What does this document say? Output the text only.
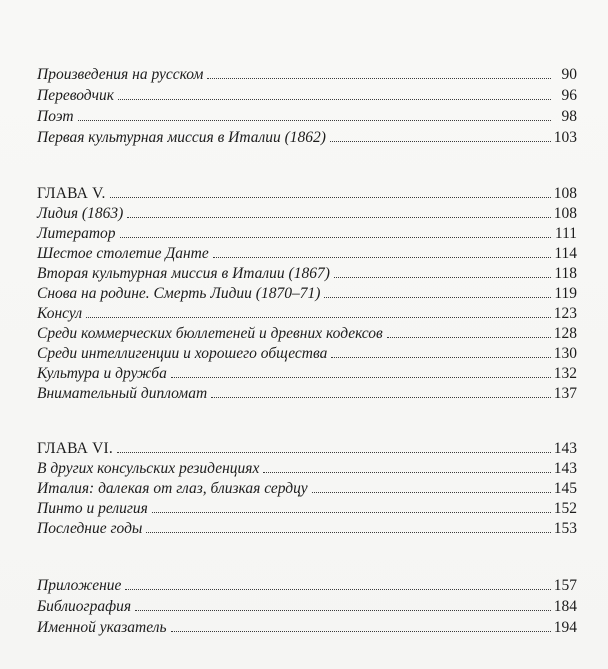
Произведения на русском	90
Переводчик	96
Поэт	98
Первая культурная миссия в Италии (1862)	103
ГЛАВА V.	108
Лидия (1863)	108
Литератор	111
Шестое столетие Данте	114
Вторая культурная миссия в Италии (1867)	118
Снова на родине. Смерть Лидии (1870–71)	119
Консул	123
Среди коммерческих бюллетеней и древних кодексов	128
Среди интеллигенции и хорошего общества	130
Культура и дружба	132
Внимательный дипломат	137
ГЛАВА VI.	143
В других консульских резиденциях	143
Италия: далекая от глаз, близкая сердцу	145
Пинто и религия	152
Последние годы	153
Приложение	157
Библиография	184
Именной указатель	194
